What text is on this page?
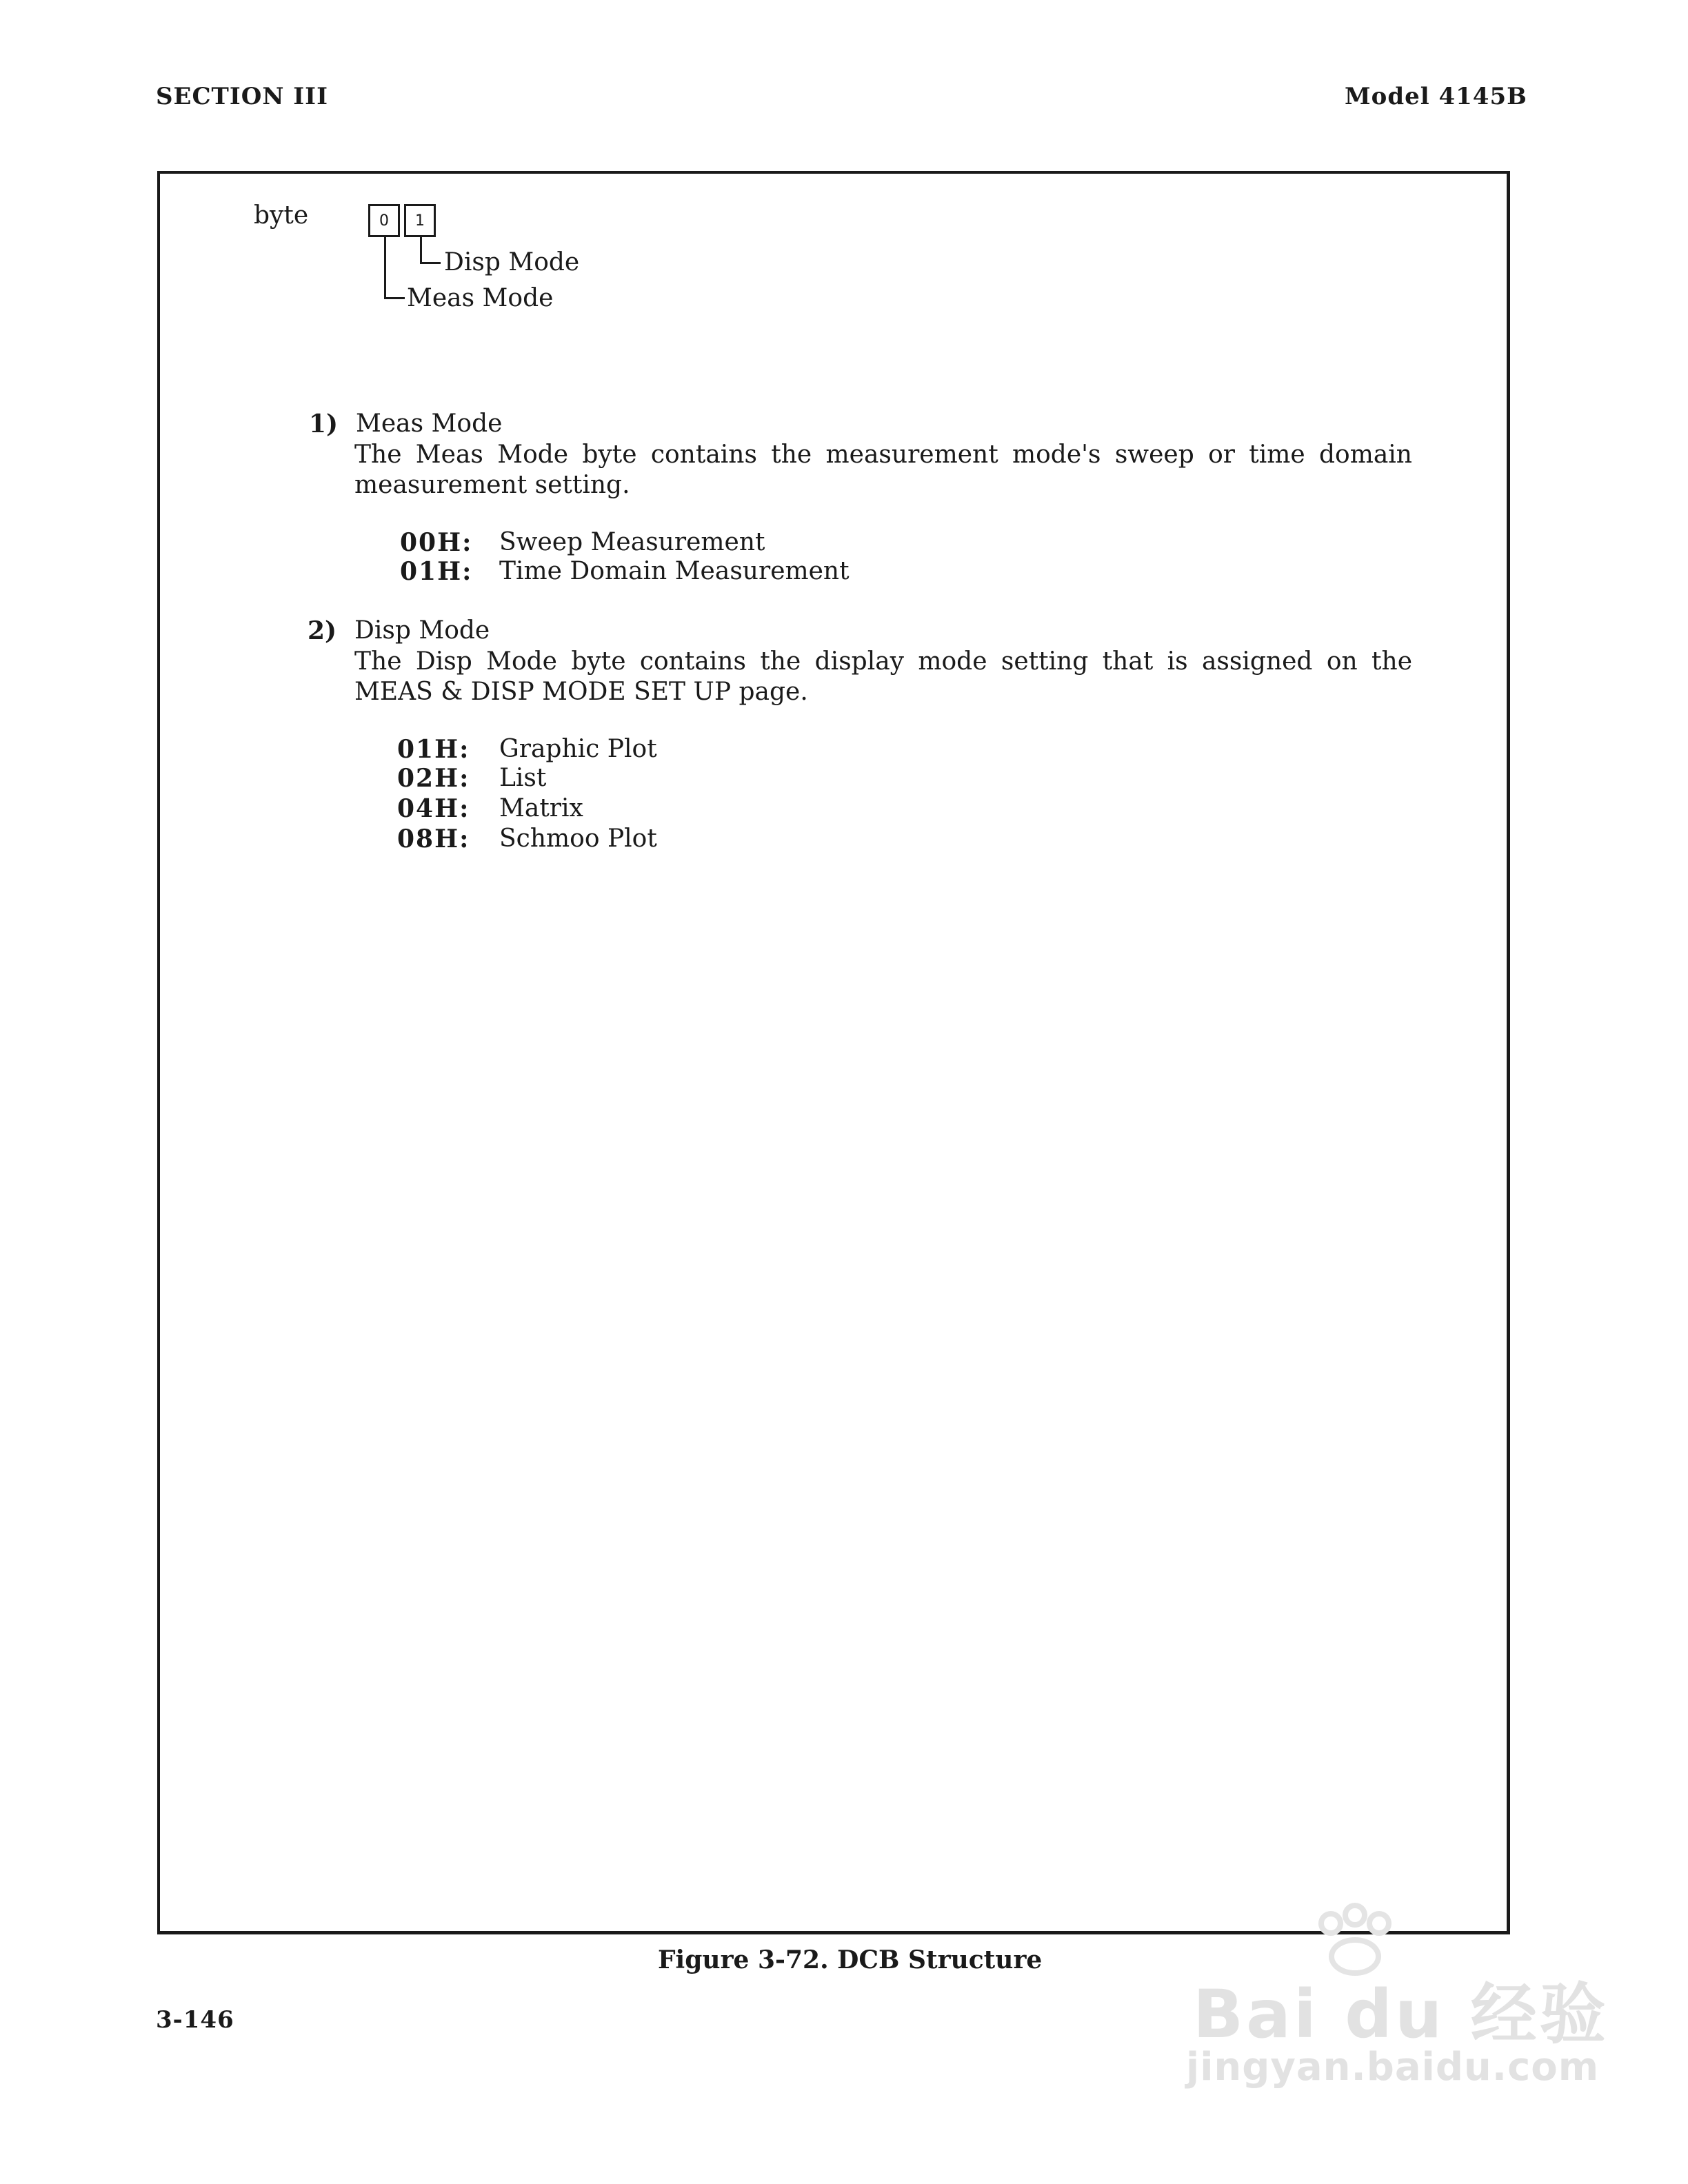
SECTION III	Model 4145B
byte	0	1
Disp Mode
Meas Mode
1) Meas Mode
The Meas Mode byte contains the measurement mode's sweep or time domain measurement setting.
00H: Sweep Measurement
01H: Time Domain Measurement
2) Disp Mode
The Disp Mode byte contains the display mode setting that is assigned on the MEAS & DISP MODE SET UP page.
01H: Graphic Plot
02H: List
04H: Matrix
08H: Schmoo Plot
Figure 3-72. DCB Structure
3-146	Bai du 经验
jingyan.baidu.com
